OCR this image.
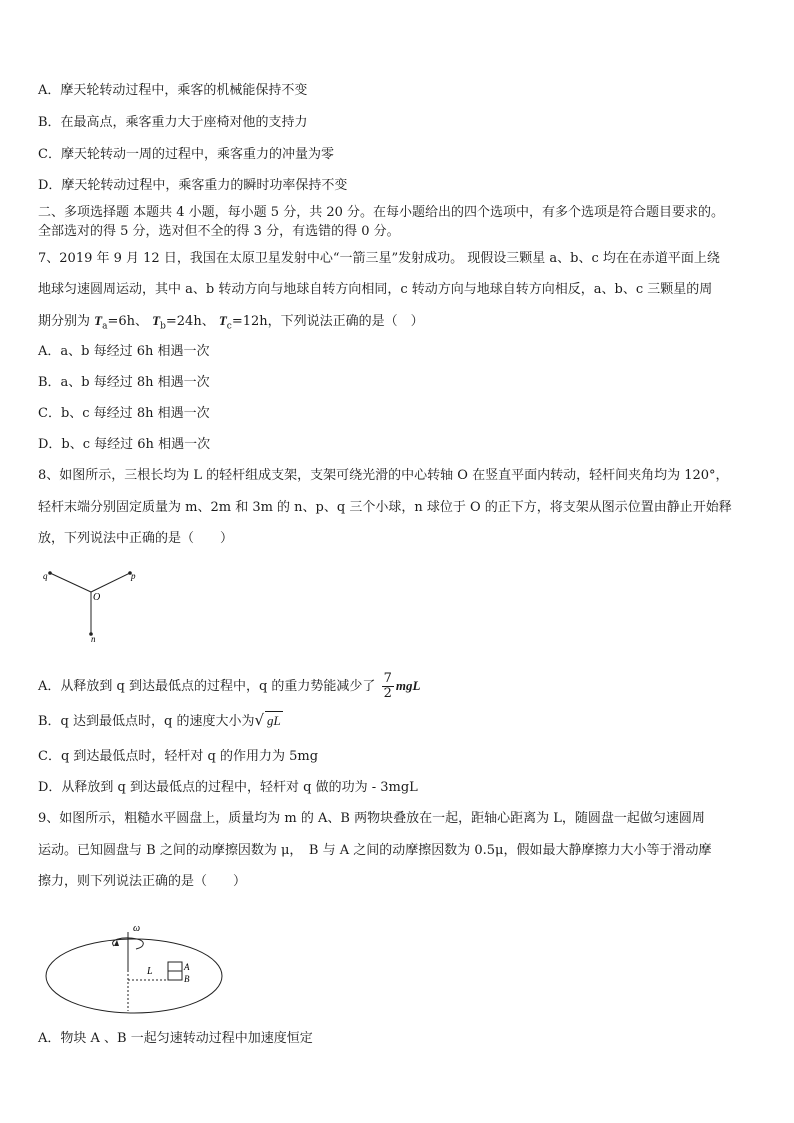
A．摩天轮转动过程中，乘客的机械能保持不变
B．在最高点，乘客重力大于座椅对他的支持力
C．摩天轮转动一周的过程中，乘客重力的冲量为零
D．摩天轮转动过程中，乘客重力的瞬时功率保持不变
二、多项选择题 本题共 4 小题，每小题 5 分，共 20 分。在每小题给出的四个选项中，有多个选项是符合题目要求的。
全部选对的得 5 分，选对但不全的得 3 分，有选错的得 0 分。
7、2019 年 9 月 12 日，我国在太原卫星发射中心“一箭三星”发射成功。 现假设三颗星 a、b、c 均在在赤道平面上绕
地球匀速圆周运动，其中 a、b 转动方向与地球自转方向相同，c 转动方向与地球自转方向相反，a、b、c 三颗星的周
期分别为 $T_a=6h$、 $T_b=24h$、 $T_c=12h$，下列说法正确的是（　）
A．a、b 每经过 6h 相遇一次
B．a、b 每经过 8h 相遇一次
C．b、c 每经过 8h 相遇一次
D．b、c 每经过 6h 相遇一次
8、如图所示，三根长均为 L 的轻杆组成支架，支架可绕光滑的中心转轴 O 在竖直平面内转动，轻杆间夹角均为 120°，
轻杆末端分别固定质量为 m、2m 和 3m 的 n、p、q 三个小球，n 球位于 O 的正下方，将支架从图示位置由静止开始释
放，下列说法中正确的是（　　）
q	p
O
n
A．从释放到 q 到达最低点的过程中，q 的重力势能减少了 $\frac{7}{2}$ mgL
B．q 达到最低点时，q 的速度大小为√ gL
C．q 到达最低点时，轻杆对 q 的作用力为 5mg
D．从释放到 q 到达最低点的过程中，轻杆对 q 做的功为 - 3mgL
9、如图所示，粗糙水平圆盘上，质量均为 m 的 A、B 两物块叠放在一起，距轴心距离为 L，随圆盘一起做匀速圆周
运动。已知圆盘与 B 之间的动摩擦因数为 μ，　B 与 A 之间的动摩擦因数为 0.5μ，假如最大静摩擦力大小等于滑动摩
擦力，则下列说法正确的是（　　）
ω
L	A
B
A．物块 A 、B 一起匀速转动过程中加速度恒定
